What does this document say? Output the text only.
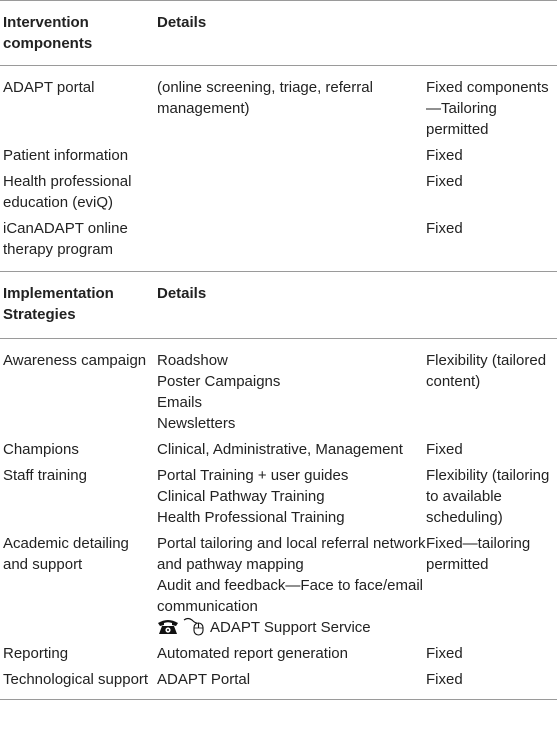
Intervention components	Details	
ADAPT portal	(online screening, triage, referral management)	Fixed components—Tailoring permitted
Patient information		Fixed
Health professional education (eviQ)		Fixed
iCanADAPT online therapy program		Fixed
Implementation Strategies	Details	
Awareness campaign	Roadshow
Poster Campaigns
Emails
Newsletters	Flexibility (tailored content)
Champions	Clinical, Administrative, Management	Fixed
Staff training	Portal Training + user guides
Clinical Pathway Training
Health Professional Training	Flexibility (tailoring to available scheduling)
Academic detailing and support	Portal tailoring and local referral network and pathway mapping
Audit and feedback—Face to face/email communication
ADAPT Support Service	Fixed—tailoring permitted
Reporting	Automated report generation	Fixed
Technological support	ADAPT Portal	Fixed
